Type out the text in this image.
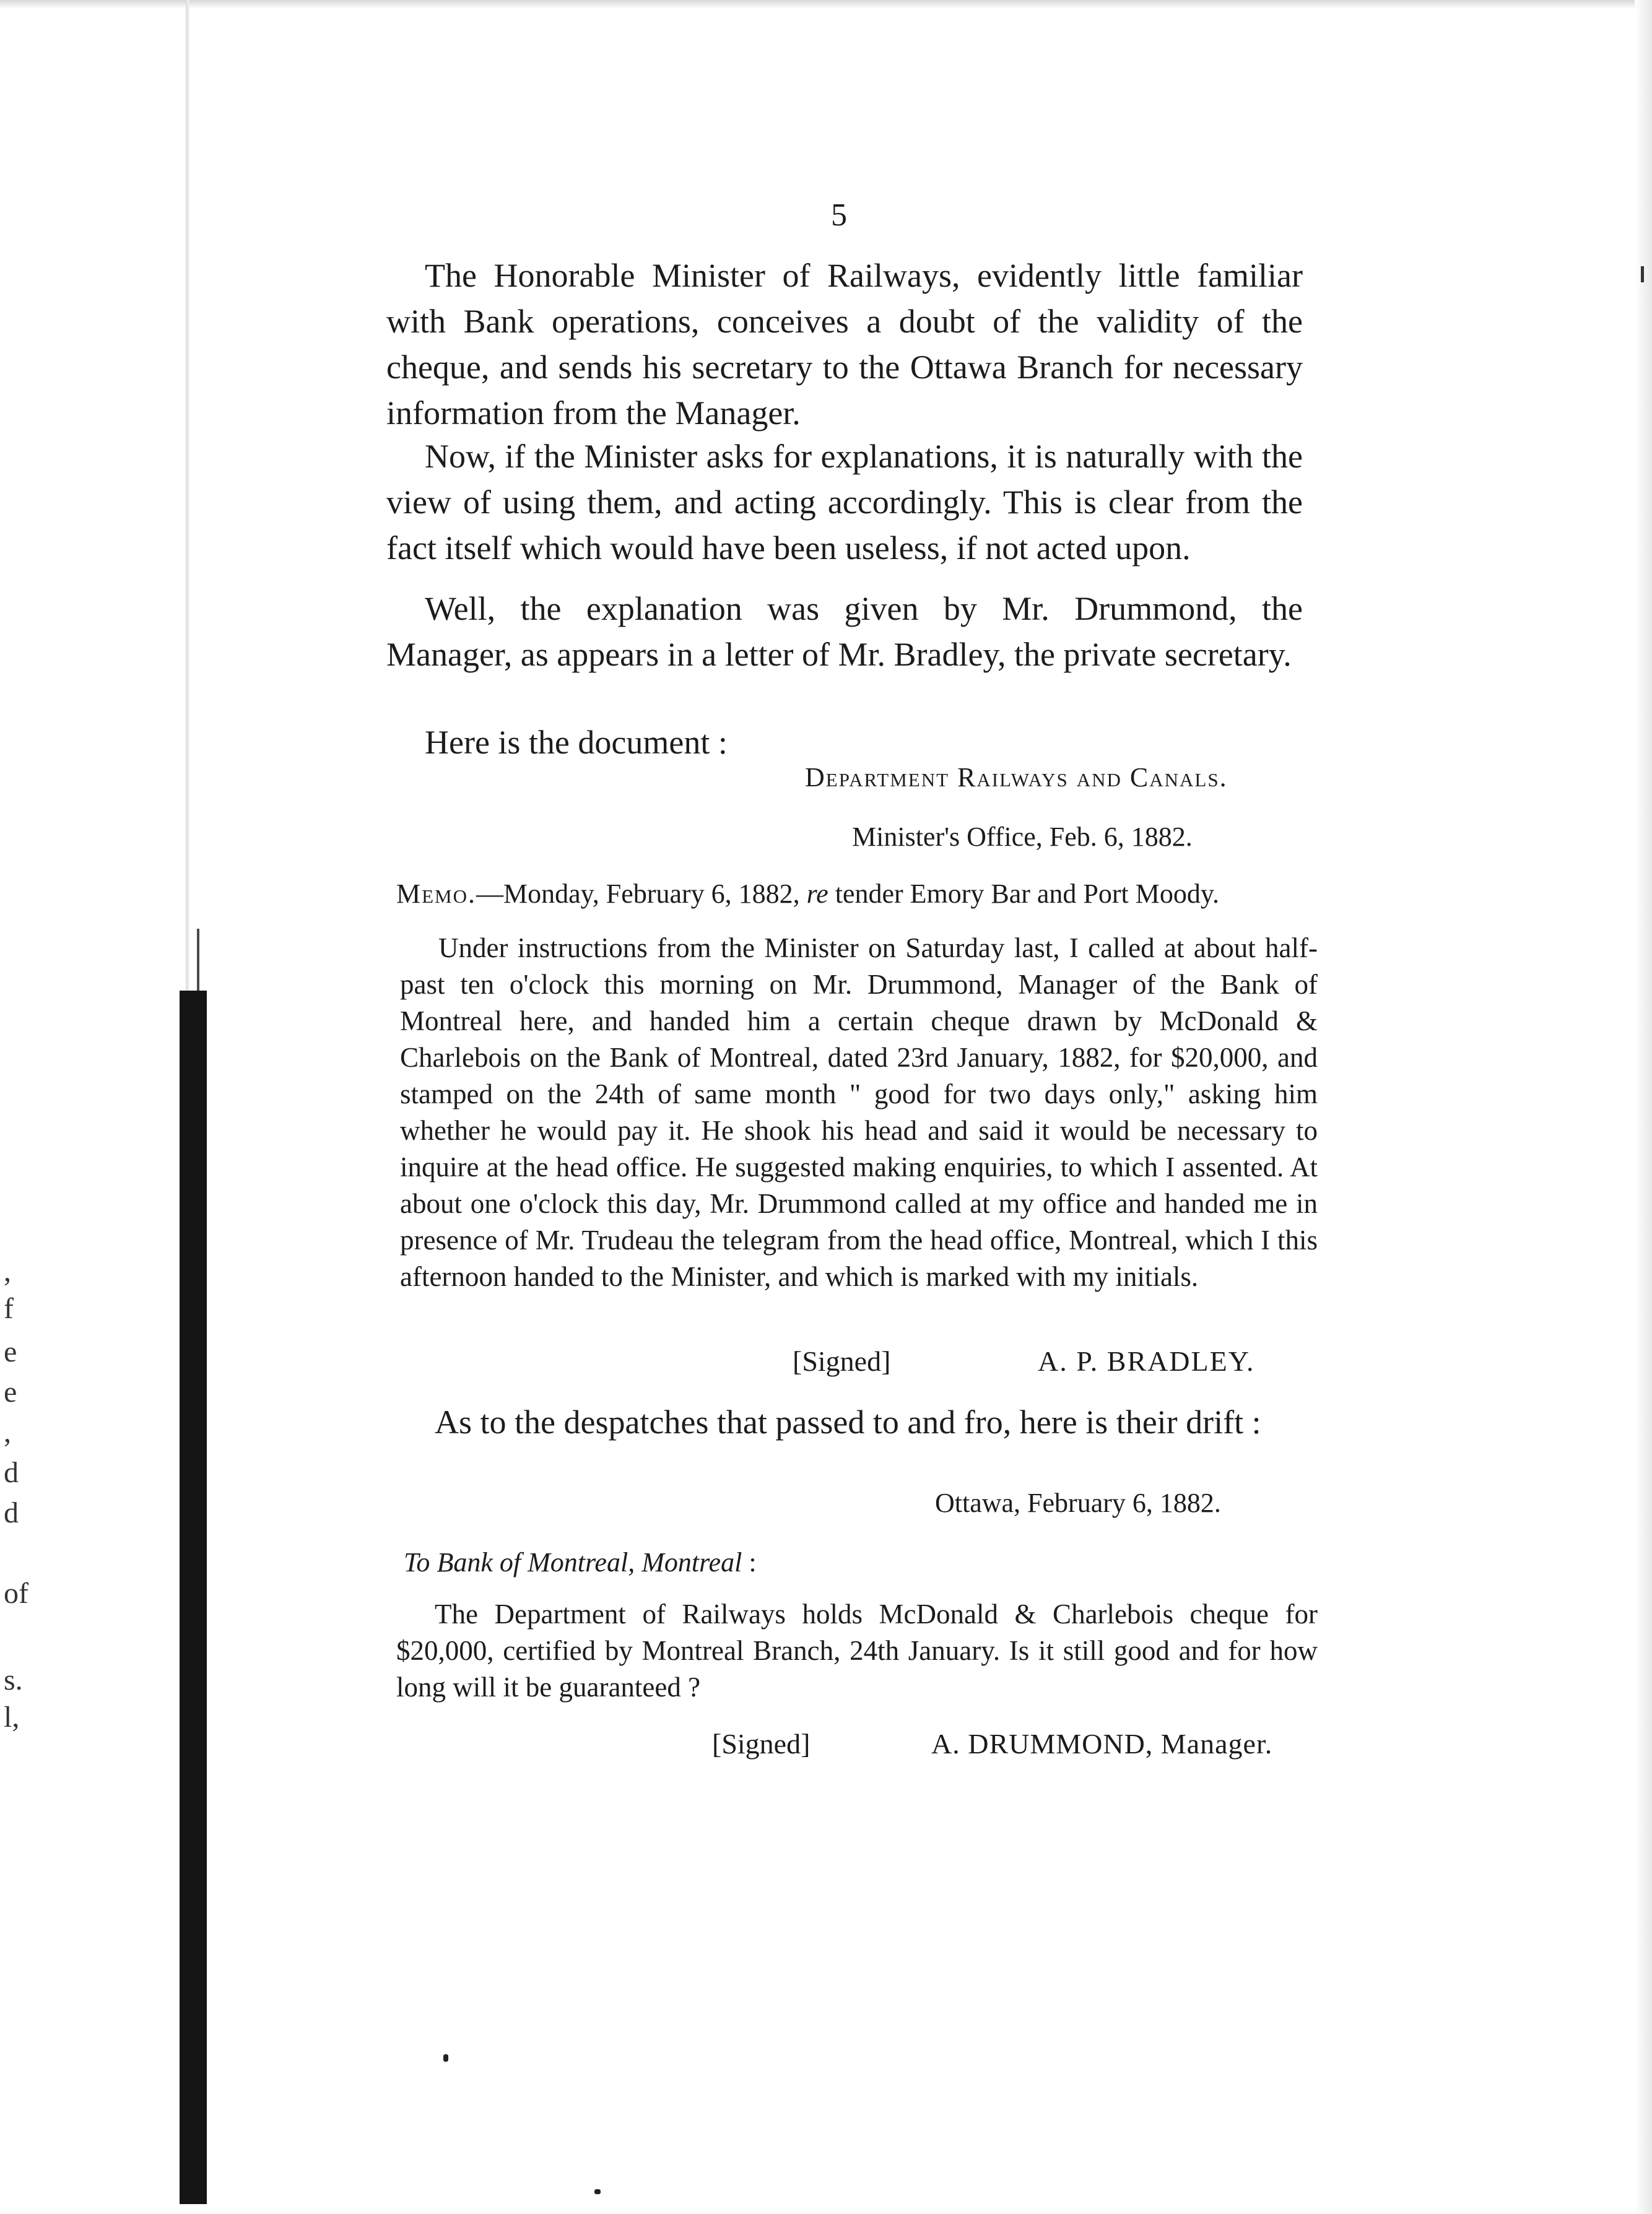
,
f
e
e
,
d
d
of
s.
l,
5

The Honorable Minister of Railways, evidently little familiar with Bank operations, conceives a doubt of the validity of the cheque, and sends his secretary to the Ottawa Branch for necessary information from the Manager.

Now, if the Minister asks for explanations, it is naturally with the view of using them, and acting accordingly. This is clear from the fact itself which would have been useless, if not acted upon.

Well, the explanation was given by Mr. Drummond, the Manager, as appears in a letter of Mr. Bradley, the private secretary.

Here is the document :

Department Railways and Canals.
Minister's Office, Feb. 6, 1882.
Memo.—Monday, February 6, 1882, re tender Emory Bar and Port Moody.

Under instructions from the Minister on Saturday last, I called at about half-past ten o'clock this morning on Mr. Drummond, Manager of the Bank of Montreal here, and handed him a certain cheque drawn by McDonald & Charlebois on the Bank of Montreal, dated 23rd January, 1882, for $20,000, and stamped on the 24th of same month " good for two days only," asking him whether he would pay it. He shook his head and said it would be necessary to inquire at the head office. He suggested making enquiries, to which I assented. At about one o'clock this day, Mr. Drummond called at my office and handed me in presence of Mr. Trudeau the telegram from the head office, Montreal, which I this afternoon handed to the Minister, and which is marked with my initials.

[Signed]	A. P. BRADLEY.

As to the despatches that passed to and fro, here is their drift :

Ottawa, February 6, 1882.
To Bank of Montreal, Montreal :

The Department of Railways holds McDonald & Charlebois cheque for $20,000, certified by Montreal Branch, 24th January. Is it still good and for how long will it be guaranteed ?

[Signed]	A. DRUMMOND, Manager.
